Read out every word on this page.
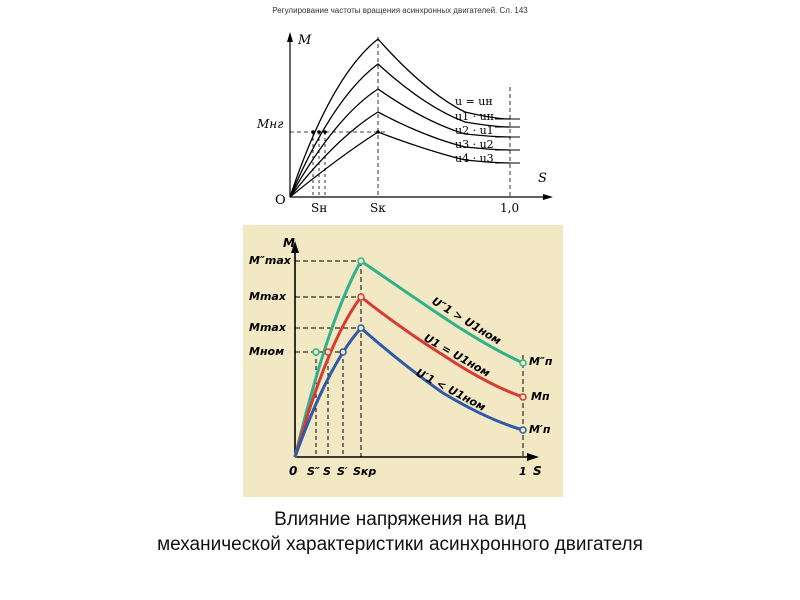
Регулирование частоты вращения асинхронных двигателей. Сл. 143
M
S
O
Mнг
Sн	Sк	1,0
u = uн
u1 · uн
u2 · u1
u3 · u2
u4 · u3
M
S
0
M″max
Mmax
Mmax
Mном
S″ S S′ Sкр	1
M″п
Mп
M′п
U″1 > U1ном
U1 = U1ном
U′1 < U1ном
Влияние напряжения на вид
механической характеристики асинхронного двигателя
